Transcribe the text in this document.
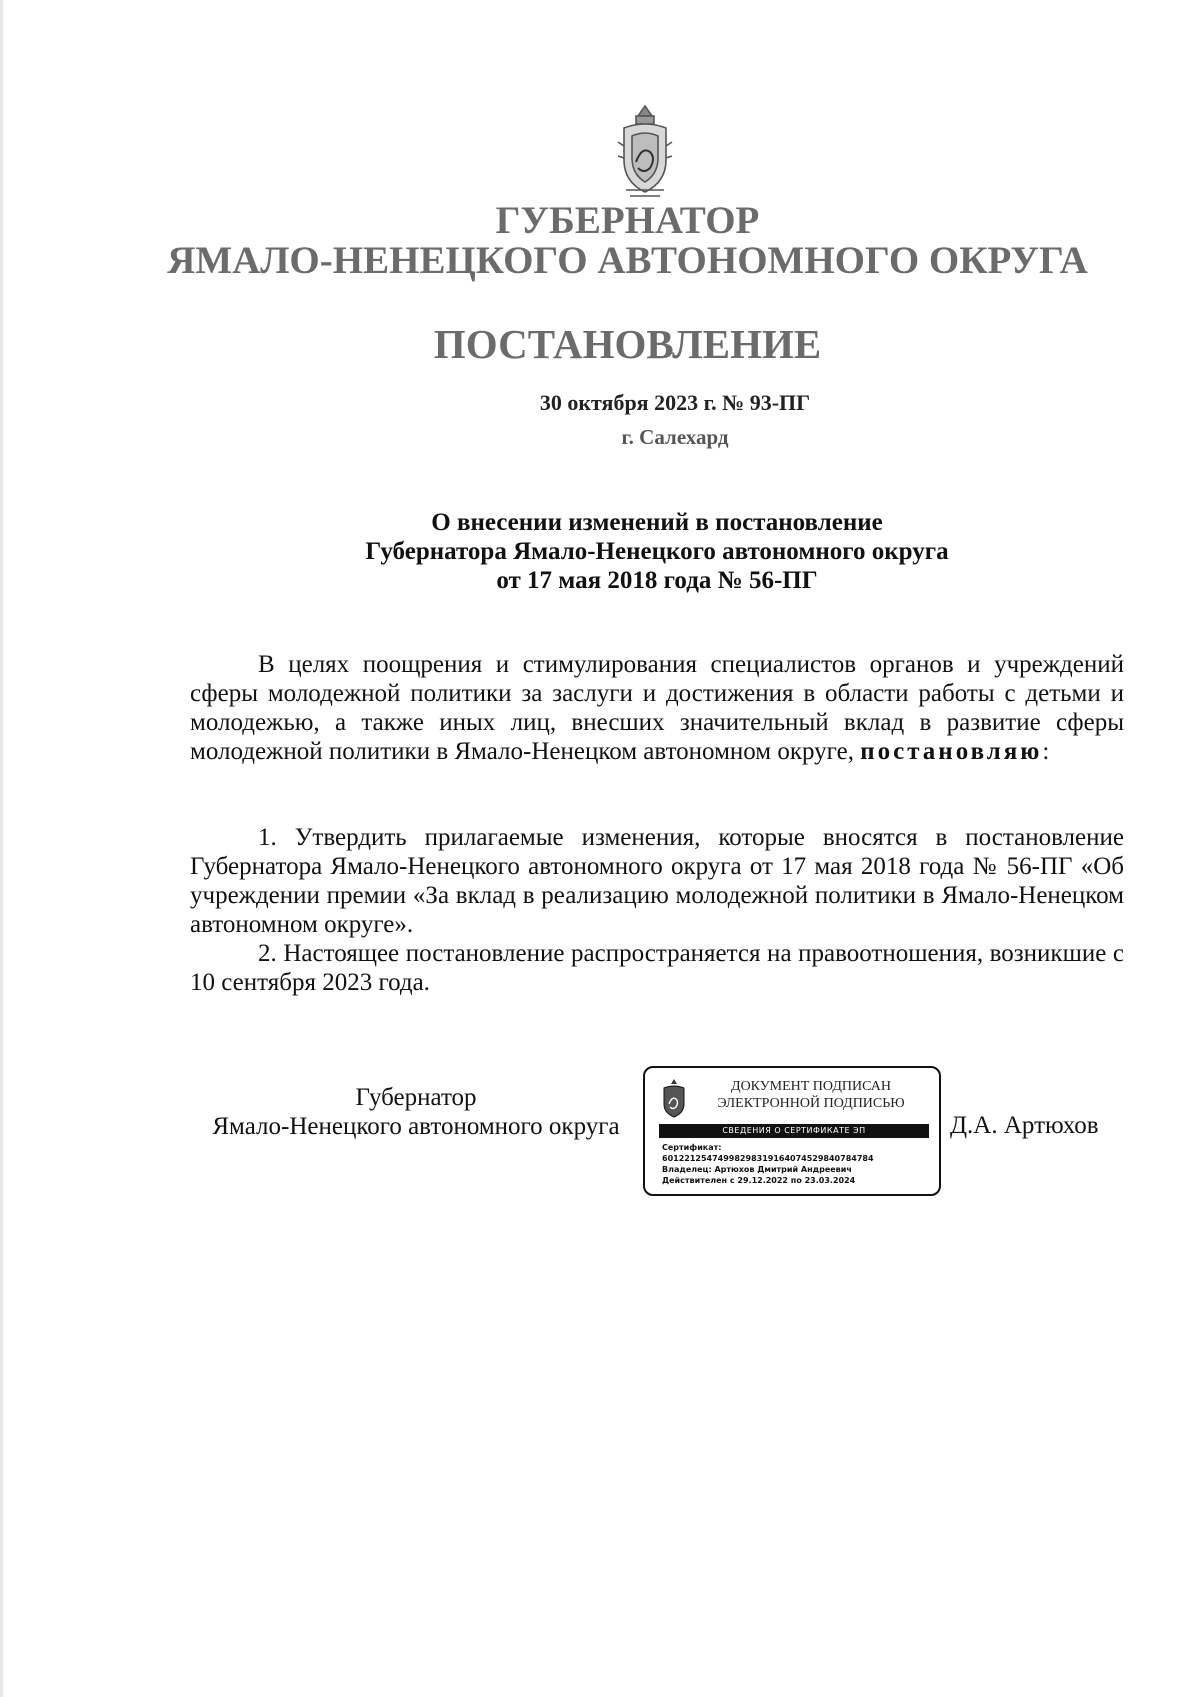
ГУБЕРНАТОР
ЯМАЛО-НЕНЕЦКОГО АВТОНОМНОГО ОКРУГА
ПОСТАНОВЛЕНИЕ
30 октября 2023 г. № 93-ПГ
г. Салехард
О внесении изменений в постановление
Губернатора Ямало-Ненецкого автономного округа
от 17 мая 2018 года № 56-ПГ
В целях поощрения и стимулирования специалистов органов и учреждений сферы молодежной политики за заслуги и достижения в области работы с детьми и молодежью, а также иных лиц, внесших значительный вклад в развитие сферы молодежной политики в Ямало-Ненецком автономном округе, постановляю:
1. Утвердить прилагаемые изменения, которые вносятся в постановление Губернатора Ямало-Ненецкого автономного округа от 17 мая 2018 года № 56-ПГ «Об учреждении премии «За вклад в реализацию молодежной политики в Ямало-Ненецком автономном округе».
2. Настоящее постановление распространяется на правоотношения, возникшие с 10 сентября 2023 года.
Губернатор
Ямало-Ненецкого автономного округа
ДОКУМЕНТ ПОДПИСАН
ЭЛЕКТРОННОЙ ПОДПИСЬЮ
СВЕДЕНИЯ О СЕРТИФИКАТЕ ЭП
Сертификат:
601221254749982983191640745298407847​84
Владелец: Артюхов Дмитрий Андреевич
Действителен с 29.12.2022 по 23.03.2024
Д.А. Артюхов
